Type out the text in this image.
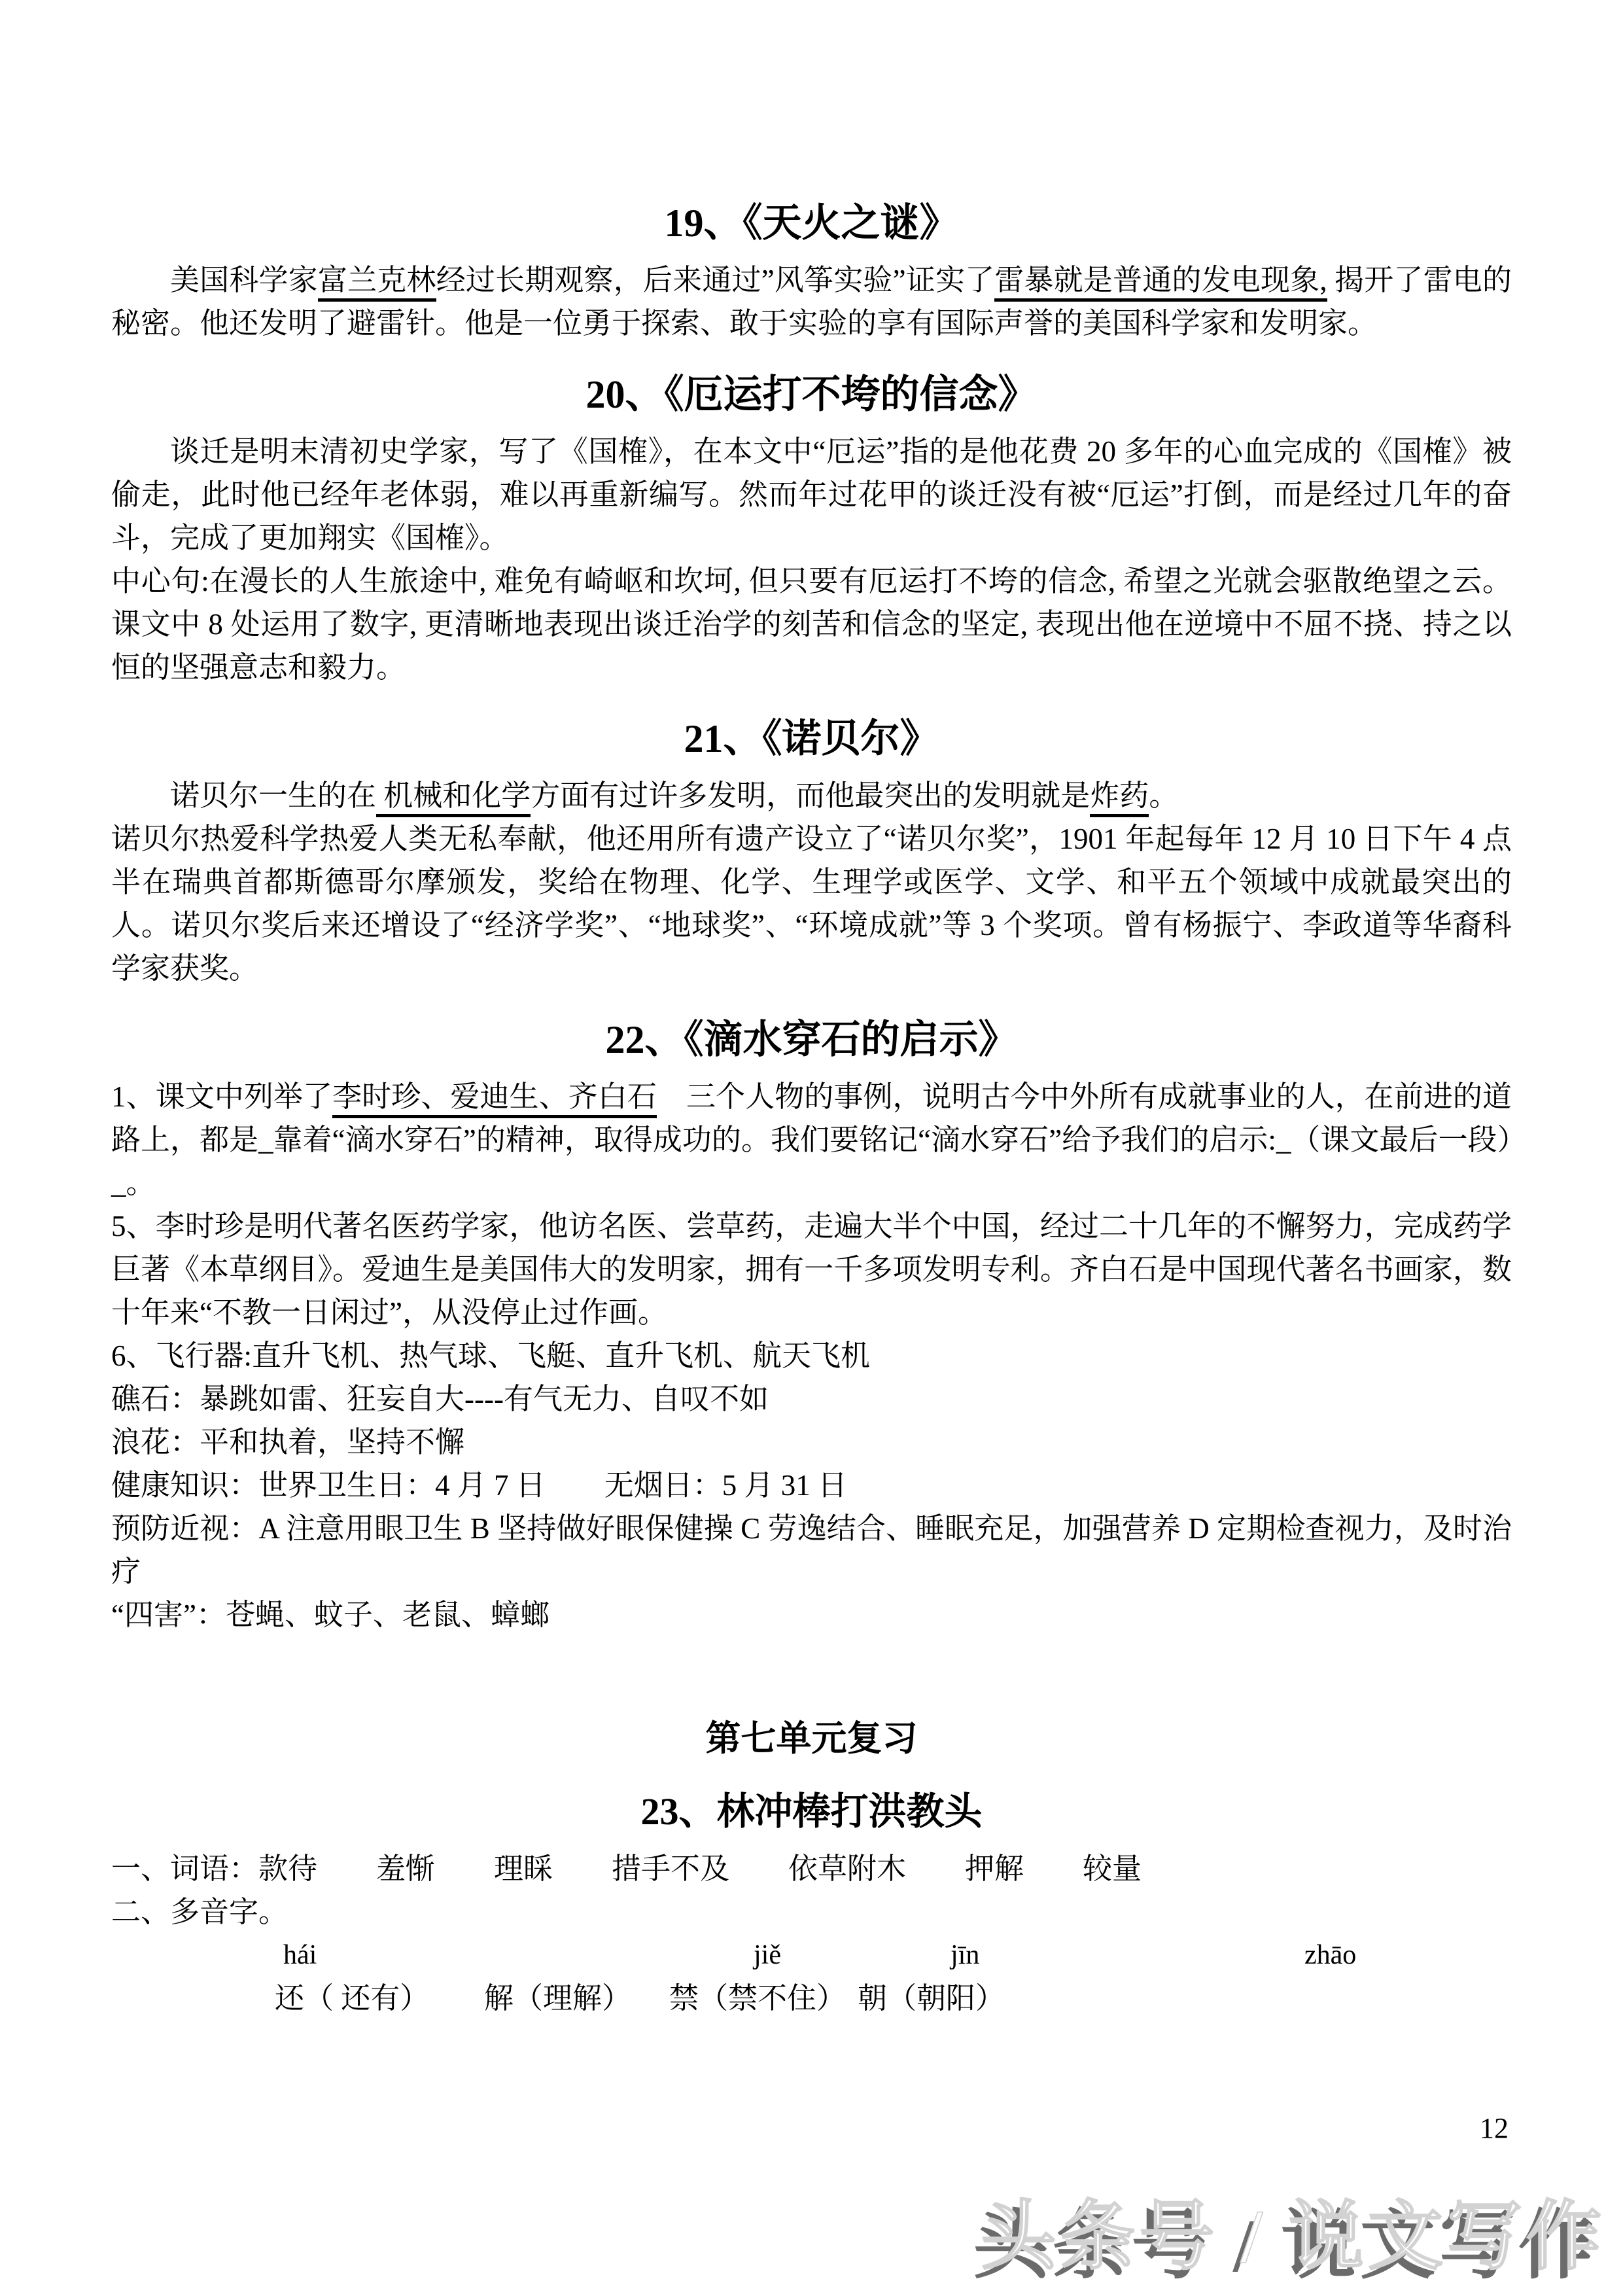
19、《天火之谜》

美国科学家富兰克林经过长期观察，后来通过”风筝实验”证实了雷暴就是普通的发电现象, 揭开了雷电的秘密。他还发明了避雷针。他是一位勇于探索、敢于实验的享有国际声誉的美国科学家和发明家。

20、《厄运打不垮的信念》

谈迁是明末清初史学家，写了《国榷》，在本文中“厄运”指的是他花费 20 多年的心血完成的《国榷》被偷走，此时他已经年老体弱，难以再重新编写。然而年过花甲的谈迁没有被“厄运”打倒，而是经过几年的奋斗，完成了更加翔实《国榷》。

中心句:在漫长的人生旅途中, 难免有崎岖和坎坷, 但只要有厄运打不垮的信念, 希望之光就会驱散绝望之云。课文中 8 处运用了数字, 更清晰地表现出谈迁治学的刻苦和信念的坚定, 表现出他在逆境中不屈不挠、持之以恒的坚强意志和毅力。

21、《诺贝尔》

诺贝尔一生的在 机械和化学方面有过许多发明，而他最突出的发明就是炸药。

诺贝尔热爱科学热爱人类无私奉献，他还用所有遗产设立了“诺贝尔奖”，1901 年起每年 12 月 10 日下午 4 点半在瑞典首都斯德哥尔摩颁发，奖给在物理、化学、生理学或医学、文学、和平五个领域中成就最突出的人。诺贝尔奖后来还增设了“经济学奖”、“地球奖”、“环境成就”等 3 个奖项。曾有杨振宁、李政道等华裔科学家获奖。

22、《滴水穿石的启示》

1、课文中列举了李时珍、爱迪生、齐白石　三个人物的事例，说明古今中外所有成就事业的人，在前进的道路上，都是_靠着“滴水穿石”的精神，取得成功的。我们要铭记“滴水穿石”给予我们的启示:_（课文最后一段）_。

5、李时珍是明代著名医药学家，他访名医、尝草药，走遍大半个中国，经过二十几年的不懈努力，完成药学巨著《本草纲目》。爱迪生是美国伟大的发明家，拥有一千多项发明专利。齐白石是中国现代著名书画家，数十年来“不教一日闲过”，从没停止过作画。

6、飞行器:直升飞机、热气球、飞艇、直升飞机、航天飞机

礁石：暴跳如雷、狂妄自大----有气无力、自叹不如

浪花：平和执着，坚持不懈

健康知识：世界卫生日：4 月 7 日　　无烟日：5 月 31 日

预防近视：A 注意用眼卫生 B 坚持做好眼保健操 C 劳逸结合、睡眠充足，加强营养 D 定期检查视力，及时治疗

“四害”：苍蝇、蚊子、老鼠、蟑螂

第七单元复习
23、林冲棒打洪教头

一、词语：款待　　羞惭　　理睬　　措手不及　　依草附木　　押解　　较量

二、多音字。

hái	jiě	jīn	zhāo
还（ 还有） 解（理解） 禁（禁不住） 朝（朝阳）
12
头条号 / 说文写作
